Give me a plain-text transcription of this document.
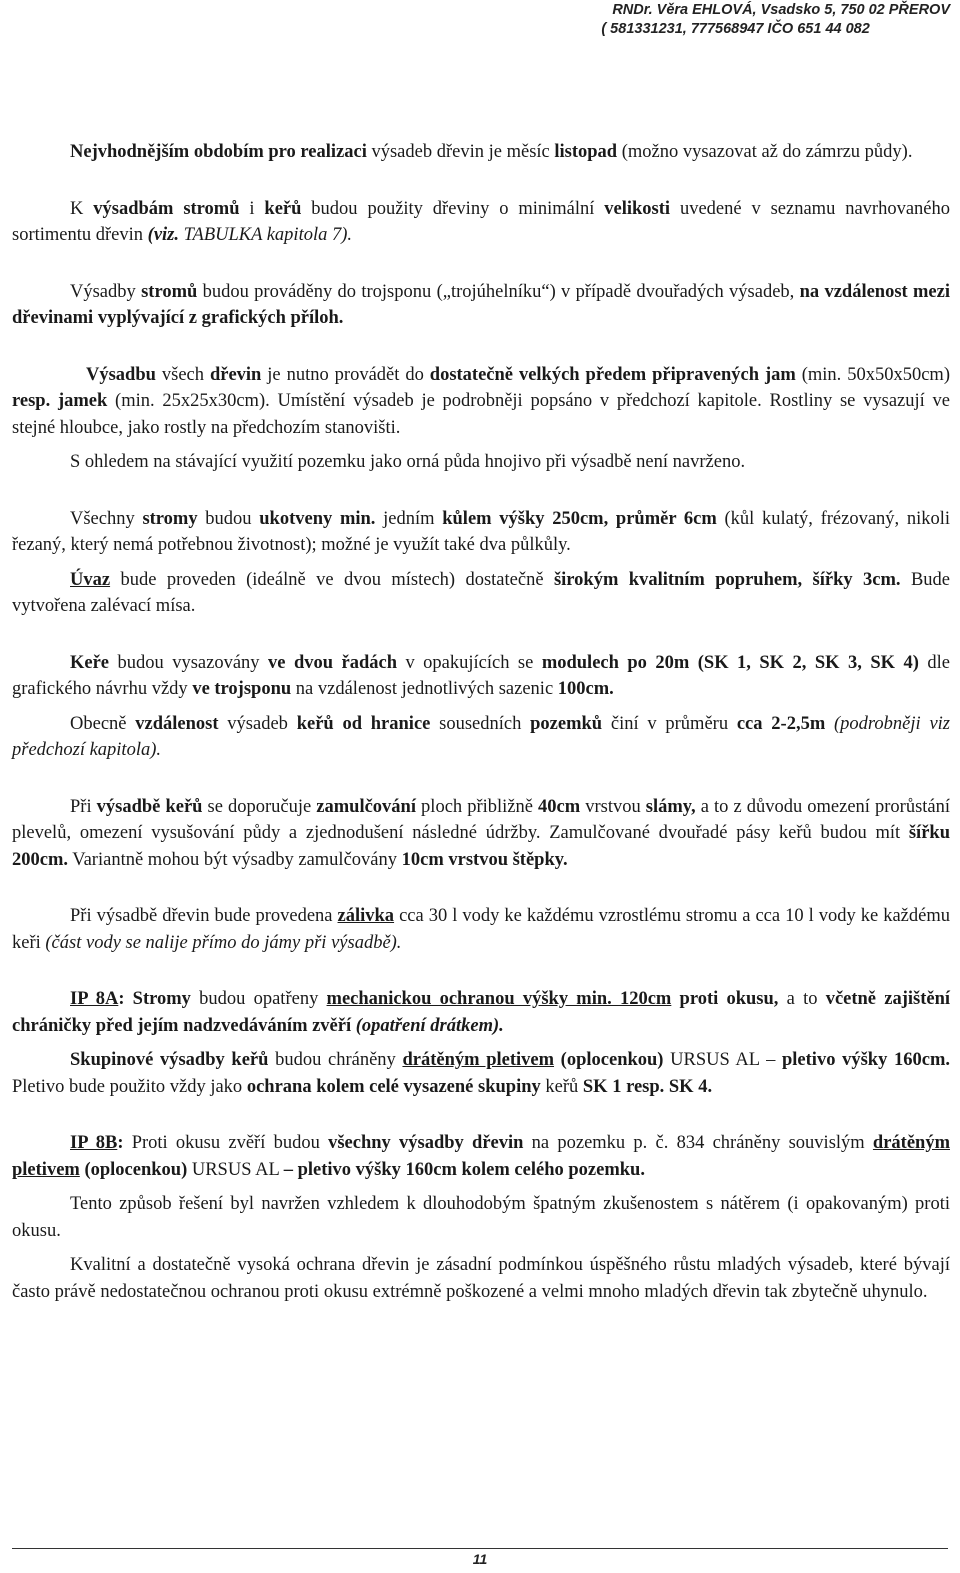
RNDr. Věra EHLOVÁ, Vsadsko 5, 750 02 PŘEROV
( 581331231, 777568947 IČO 651 44 082

Nejvhodnějším obdobím pro realizaci výsadeb dřevin je měsíc listopad (možno vysazovat až do zámrzu půdy).

K výsadbám stromů i keřů budou použity dřeviny o minimální velikosti uvedené v seznamu navrhovaného sortimentu dřevin (viz. TABULKA kapitola 7).

Výsadby stromů budou prováděny do trojsponu („trojúhelníku“) v případě dvouřadých výsadeb, na vzdálenost mezi dřevinami vyplývající z grafických příloh.

Výsadbu všech dřevin je nutno provádět do dostatečně velkých předem připravených jam (min. 50x50x50cm) resp. jamek (min. 25x25x30cm). Umístění výsadeb je podrobněji popsáno v předchozí kapitole. Rostliny se vysazují ve stejné hloubce, jako rostly na předchozím stanovišti.

S ohledem na stávající využití pozemku jako orná půda hnojivo při výsadbě není navrženo.

Všechny stromy budou ukotveny min. jedním kůlem výšky 250cm, průměr 6cm (kůl kulatý, frézovaný, nikoli řezaný, který nemá potřebnou životnost); možné je využít také dva půlkůly.

Úvaz bude proveden (ideálně ve dvou místech) dostatečně širokým kvalitním popruhem, šířky 3cm. Bude vytvořena zalévací mísa.

Keře budou vysazovány ve dvou řadách v opakujících se modulech po 20m (SK 1, SK 2, SK 3, SK 4) dle grafického návrhu vždy ve trojsponu na vzdálenost jednotlivých sazenic 100cm.

Obecně vzdálenost výsadeb keřů od hranice sousedních pozemků činí v průměru cca 2-2,5m (podrobněji viz předchozí kapitola).

Při výsadbě keřů se doporučuje zamulčování ploch přibližně 40cm vrstvou slámy, a to z důvodu omezení prorůstání plevelů, omezení vysušování půdy a zjednodušení následné údržby. Zamulčované dvouřadé pásy keřů budou mít šířku 200cm. Variantně mohou být výsadby zamulčovány 10cm vrstvou štěpky.

Při výsadbě dřevin bude provedena zálivka cca 30 l vody ke každému vzrostlému stromu a cca 10 l vody ke každému keři (část vody se nalije přímo do jámy při výsadbě).

IP 8A: Stromy budou opatřeny mechanickou ochranou výšky min. 120cm proti okusu, a to včetně zajištění chráničky před jejím nadzvedáváním zvěří (opatření drátkem).

Skupinové výsadby keřů budou chráněny drátěným pletivem (oplocenkou) URSUS AL – pletivo výšky 160cm. Pletivo bude použito vždy jako ochrana kolem celé vysazené skupiny keřů SK 1 resp. SK 4.

IP 8B: Proti okusu zvěří budou všechny výsadby dřevin na pozemku p. č. 834 chráněny souvislým drátěným pletivem (oplocenkou) URSUS AL – pletivo výšky 160cm kolem celého pozemku.

Tento způsob řešení byl navržen vzhledem k dlouhodobým špatným zkušenostem s nátěrem (i opakovaným) proti okusu.

Kvalitní a dostatečně vysoká ochrana dřevin je zásadní podmínkou úspěšného růstu mladých výsadeb, které bývají často právě nedostatečnou ochranou proti okusu extrémně poškozené a velmi mnoho mladých dřevin tak zbytečně uhynulo.

11
